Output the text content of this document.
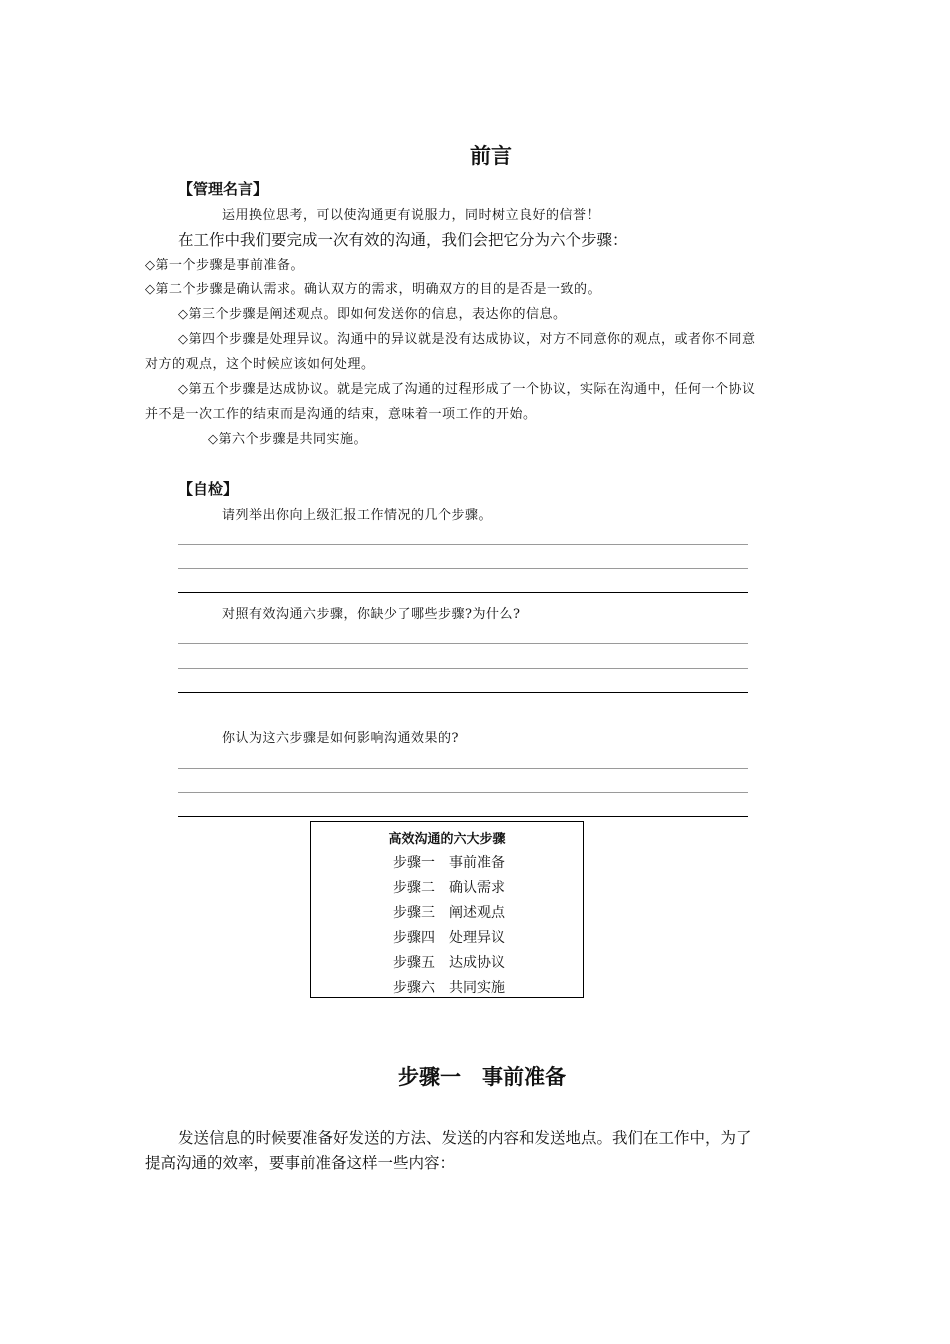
前言
【管理名言】
运用换位思考，可以使沟通更有说服力，同时树立良好的信誉！
在工作中我们要完成一次有效的沟通，我们会把它分为六个步骤：
◇第一个步骤是事前准备。
◇第二个步骤是确认需求。确认双方的需求，明确双方的目的是否是一致的。
◇第三个步骤是阐述观点。即如何发送你的信息，表达你的信息。
◇第四个步骤是处理异议。沟通中的异议就是没有达成协议，对方不同意你的观点，或者你不同意
对方的观点，这个时候应该如何处理。
◇第五个步骤是达成协议。就是完成了沟通的过程形成了一个协议，实际在沟通中，任何一个协议
并不是一次工作的结束而是沟通的结束，意味着一项工作的开始。
◇第六个步骤是共同实施。
【自检】
请列举出你向上级汇报工作情况的几个步骤。
对照有效沟通六步骤，你缺少了哪些步骤?为什么?
你认为这六步骤是如何影响沟通效果的?
高效沟通的六大步骤
步骤一 事前准备
步骤二 确认需求
步骤三 阐述观点
步骤四 处理异议
步骤五 达成协议
步骤六 共同实施
步骤一　事前准备
发送信息的时候要准备好发送的方法、发送的内容和发送地点。我们在工作中，为了
提高沟通的效率，要事前准备这样一些内容：
